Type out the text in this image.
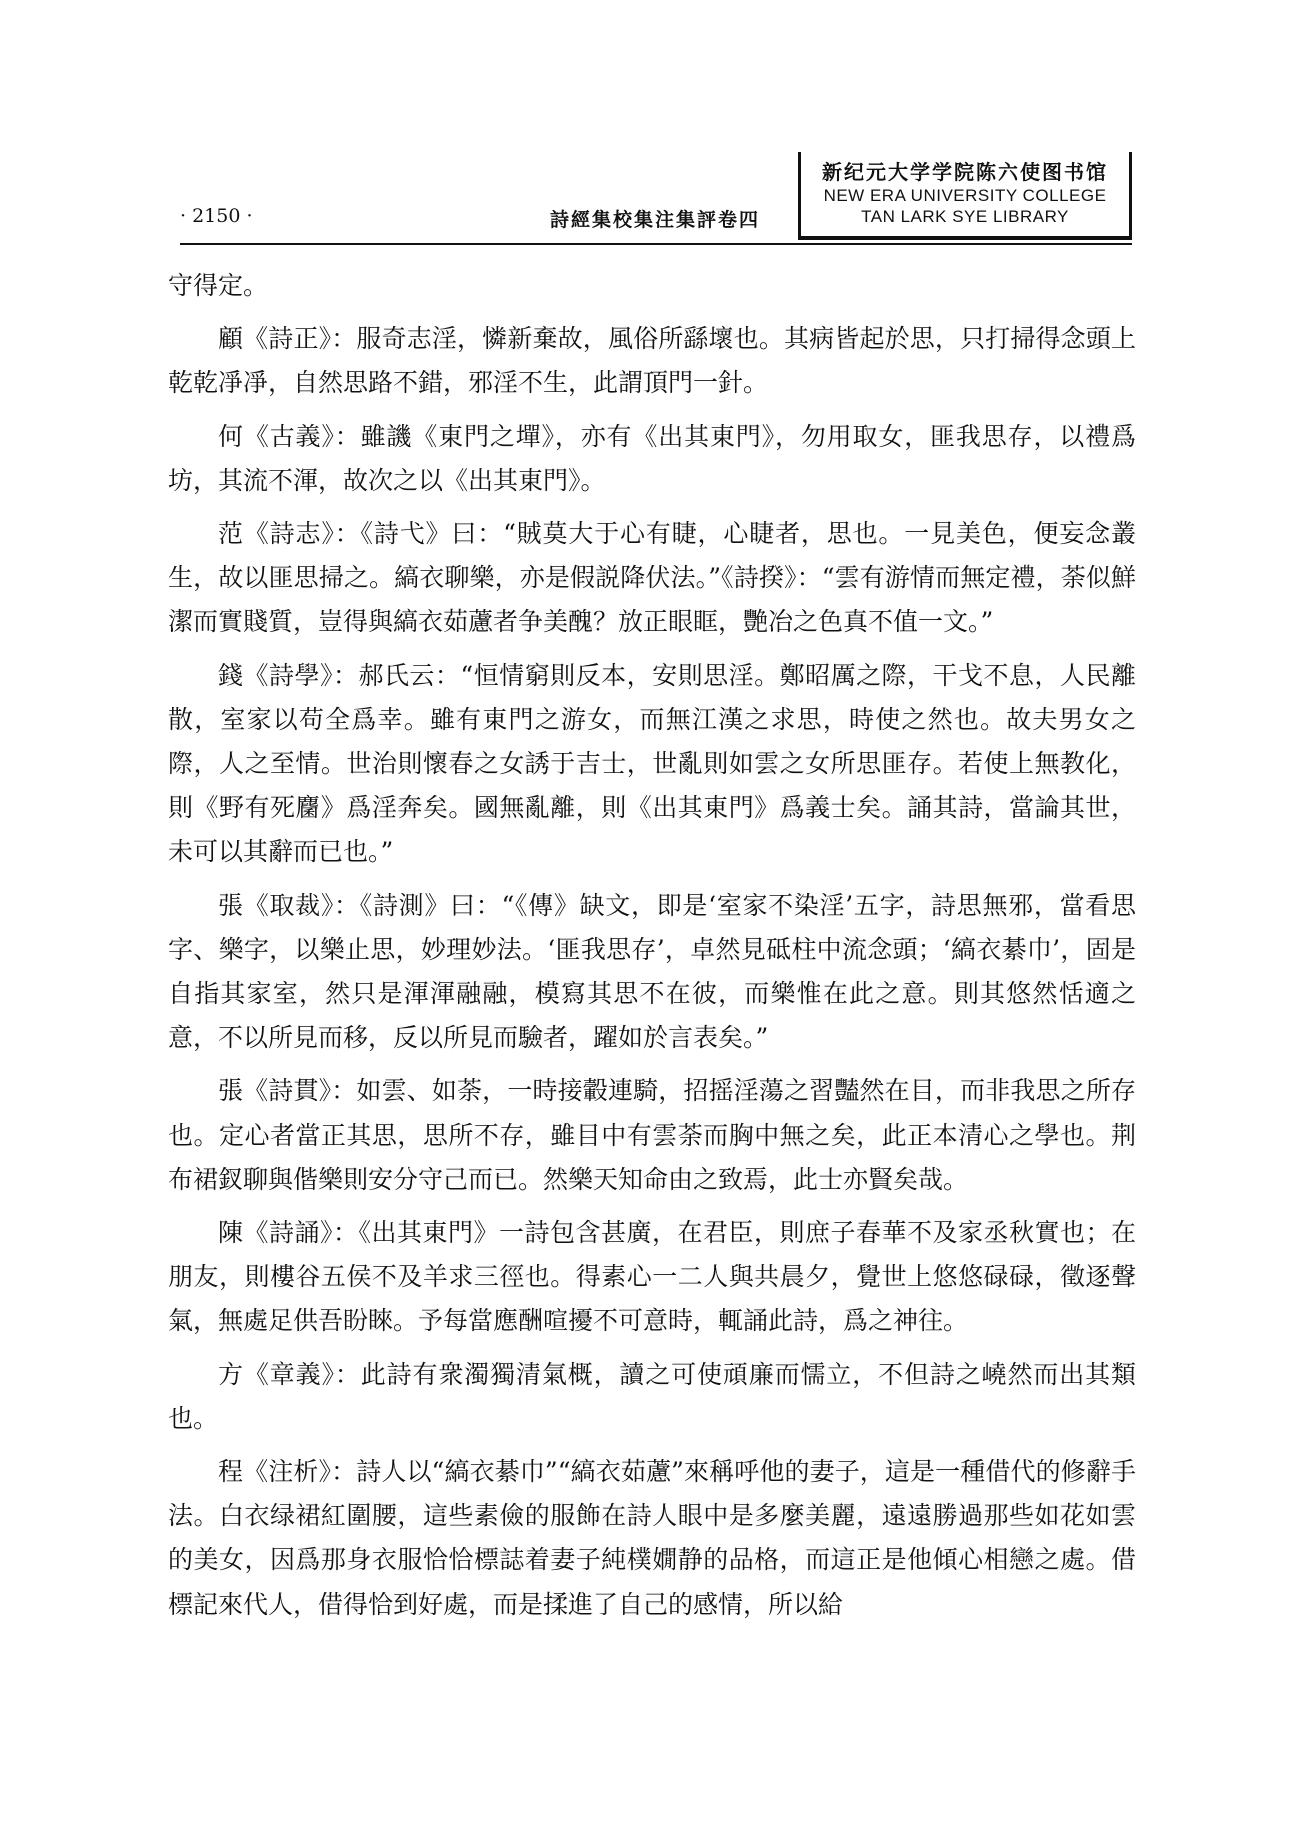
新纪元大学学院陈六使图书馆
NEW ERA UNIVERSITY COLLEGE
TAN LARK SYE LIBRARY
· 2150 ·	詩經集校集注集評卷四

守得定。

顧《詩正》：服奇志淫，憐新棄故，風俗所繇壞也。其病皆起於思，只打掃得念頭上乾乾凈凈，自然思路不錯，邪淫不生，此謂頂門一針。

何《古義》：雖譏《東門之墠》，亦有《出其東門》，勿用取女，匪我思存，以禮爲坊，其流不渾，故次之以《出其東門》。

范《詩志》：《詩弋》曰：“賊莫大于心有睫，心睫者，思也。一見美色，便妄念叢生，故以匪思掃之。縞衣聊樂，亦是假説降伏法。”《詩揆》：“雲有游情而無定禮，荼似鮮潔而實賤質，豈得與縞衣茹藘者争美醜？放正眼眶，艷冶之色真不值一文。”

錢《詩學》：郝氏云：“恒情窮則反本，安則思淫。鄭昭厲之際，干戈不息，人民離散，室家以苟全爲幸。雖有東門之游女，而無江漢之求思，時使之然也。故夫男女之際，人之至情。世治則懷春之女誘于吉士，世亂則如雲之女所思匪存。若使上無教化，則《野有死麕》爲淫奔矣。國無亂離，則《出其東門》爲義士矣。誦其詩，當論其世，未可以其辭而已也。”

張《取裁》：《詩測》曰：“《傳》缺文，即是‘室家不染淫’五字，詩思無邪，當看思字、樂字，以樂止思，妙理妙法。‘匪我思存’，卓然見砥柱中流念頭；‘縞衣綦巾’，固是自指其家室，然只是渾渾融融，模寫其思不在彼，而樂惟在此之意。則其悠然恬適之意，不以所見而移，反以所見而驗者，躍如於言表矣。”

張《詩貫》：如雲、如荼，一時接轂連騎，招摇淫蕩之習豔然在目，而非我思之所存也。定心者當正其思，思所不存，雖目中有雲荼而胸中無之矣，此正本清心之學也。荆布裙釵聊與偕樂則安分守己而已。然樂天知命由之致焉，此士亦賢矣哉。

陳《詩誦》：《出其東門》一詩包含甚廣，在君臣，則庶子春華不及家丞秋實也；在朋友，則樓谷五侯不及羊求三徑也。得素心一二人與共晨夕，覺世上悠悠碌碌，徵逐聲氣，無處足供吾盼睞。予每當應酬喧擾不可意時，輒誦此詩，爲之神往。

方《章義》：此詩有衆濁獨清氣概，讀之可使頑廉而懦立，不但詩之嶢然而出其類也。

程《注析》：詩人以“縞衣綦巾”“縞衣茹藘”來稱呼他的妻子，這是一種借代的修辭手法。白衣绿裙紅圍腰，這些素儉的服飾在詩人眼中是多麼美麗，遠遠勝過那些如花如雲的美女，因爲那身衣服恰恰標誌着妻子純樸嫺静的品格，而這正是他傾心相戀之處。借標記來代人，借得恰到好處，而是揉進了自己的感情，所以給
